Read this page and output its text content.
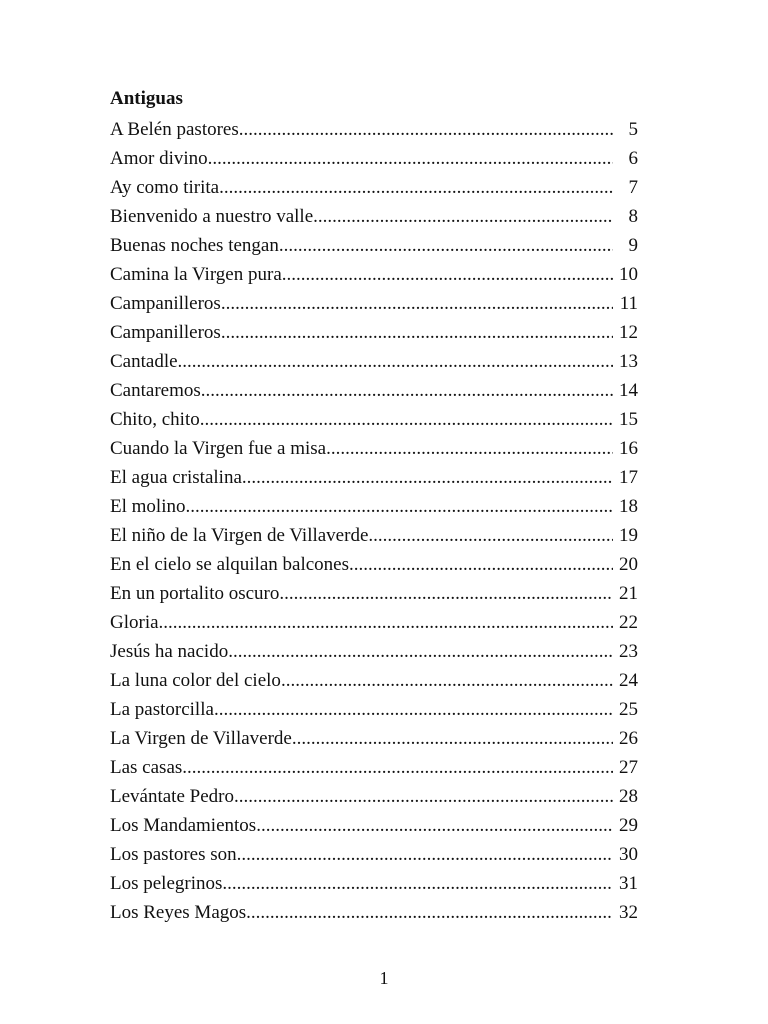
Antiguas
A Belén pastores .....	5
Amor divino .....	6
Ay como tirita .....	7
Bienvenido a nuestro valle .....	8
Buenas noches tengan .....	9
Camina la Virgen pura .....	10
Campanilleros .....	11
Campanilleros .....	12
Cantadle .....	13
Cantaremos .....	14
Chito, chito .....	15
Cuando la Virgen fue a misa .....	16
El agua cristalina .....	17
El molino .....	18
El niño de la Virgen de Villaverde .....	19
En el cielo se alquilan balcones .....	20
En un portalito oscuro .....	21
Gloria .....	22
Jesús ha nacido .....	23
La luna color del cielo .....	24
La pastorcilla .....	25
La Virgen de Villaverde .....	26
Las casas .....	27
Levántate Pedro .....	28
Los Mandamientos .....	29
Los pastores son .....	30
Los pelegrinos .....	31
Los Reyes Magos .....	32
1
